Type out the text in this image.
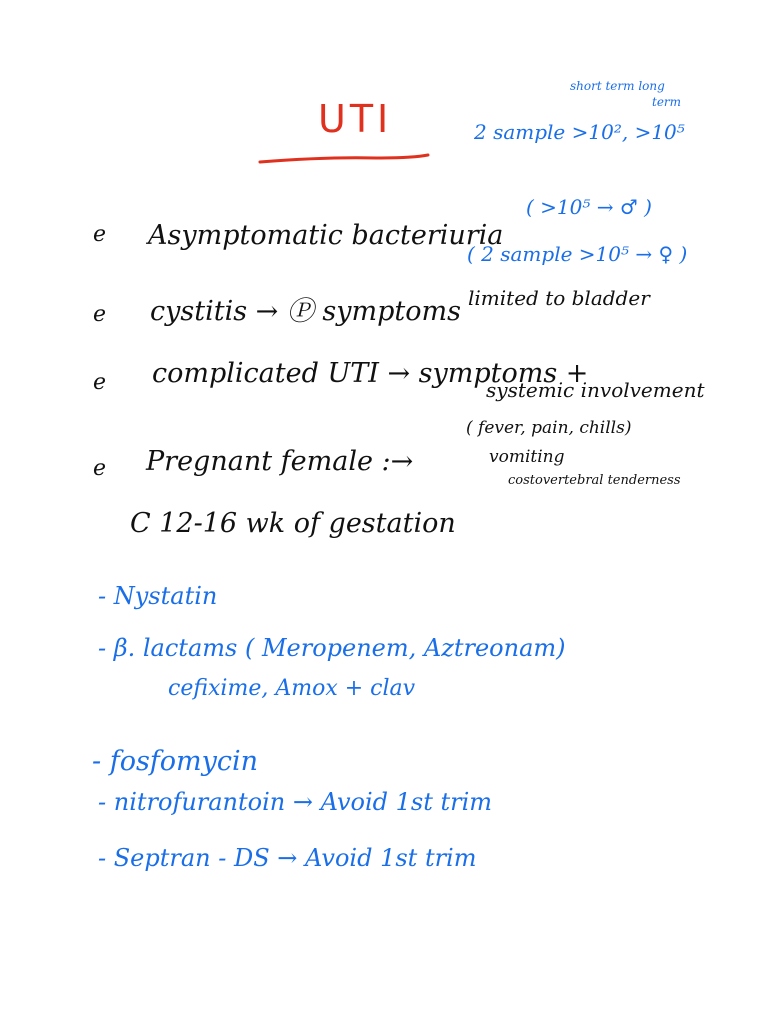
UTI
short term long
term
2 sample >10², >10⁵
e Asymptomatic bacteriuria
( >10⁵ → ♂ )
( 2 sample >10⁵ → ♀ )
e cystitis → Ⓟ symptoms limited to bladder
e complicated UTI → symptoms +
systemic involvement
( fever, pain, chills)
vomiting
costovertebral tenderness
e Pregnant female :→
C 12-16 wk of gestation
- Nystatin
- β. lactams ( Meropenem, Aztreonam)
cefixime, Amox + clav
- fosfomycin
- nitrofurantoin → Avoid 1st trim
- Septran - DS → Avoid 1st trim
